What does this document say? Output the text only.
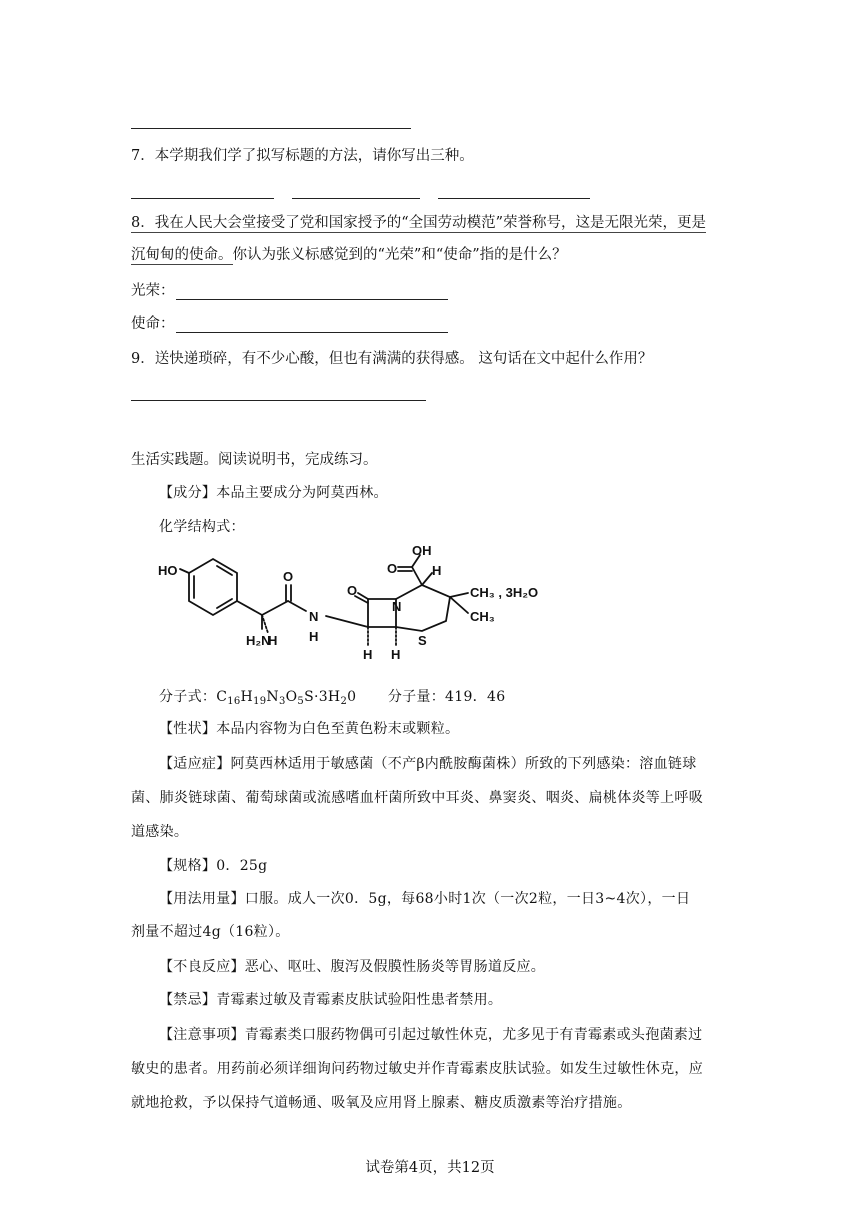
7．本学期我们学了拟写标题的方法，请你写出三种。
8．我在人民大会堂接受了党和国家授予的“全国劳动模范”荣誉称号，这是无限光荣，更是
沉甸甸的使命。你认为张义标感觉到的“光荣”和“使命”指的是什么？
光荣：
使命：
9．送快递琐碎，有不少心酸，但也有满满的获得感。 这句话在文中起什么作用？
生活实践题。阅读说明书，完成练习。
【成分】本品主要成分为阿莫西林。
化学结构式：
HO	O
H₂N
H
N
H
O
N
OH
O	H
CH₃ , 3H₂O
CH₃
H H
S
分子式：$C_{16}H_{19}N_3O_5S\cdot 3H_20$ 分子量：419．46
【性状】本品内容物为白色至黄色粉末或颗粒。
【适应症】阿莫西林适用于敏感菌（不产β内酰胺酶菌株）所致的下列感染：溶血链球
菌、肺炎链球菌、葡萄球菌或流感嗜血杆菌所致中耳炎、鼻窦炎、咽炎、扁桃体炎等上呼吸
道感染。
【规格】0．25g
【用法用量】口服。成人一次0．5g，每68小时1次（一次2粒，一日3~4次），一日
剂量不超过4g（16粒）。
【不良反应】恶心、呕吐、腹泻及假膜性肠炎等胃肠道反应。
【禁忌】青霉素过敏及青霉素皮肤试验阳性患者禁用。
【注意事项】青霉素类口服药物偶可引起过敏性休克，尤多见于有青霉素或头孢菌素过
敏史的患者。用药前必须详细询问药物过敏史并作青霉素皮肤试验。如发生过敏性休克，应
就地抢救，予以保持气道畅通、吸氧及应用肾上腺素、糖皮质激素等治疗措施。
试卷第4页，共12页
